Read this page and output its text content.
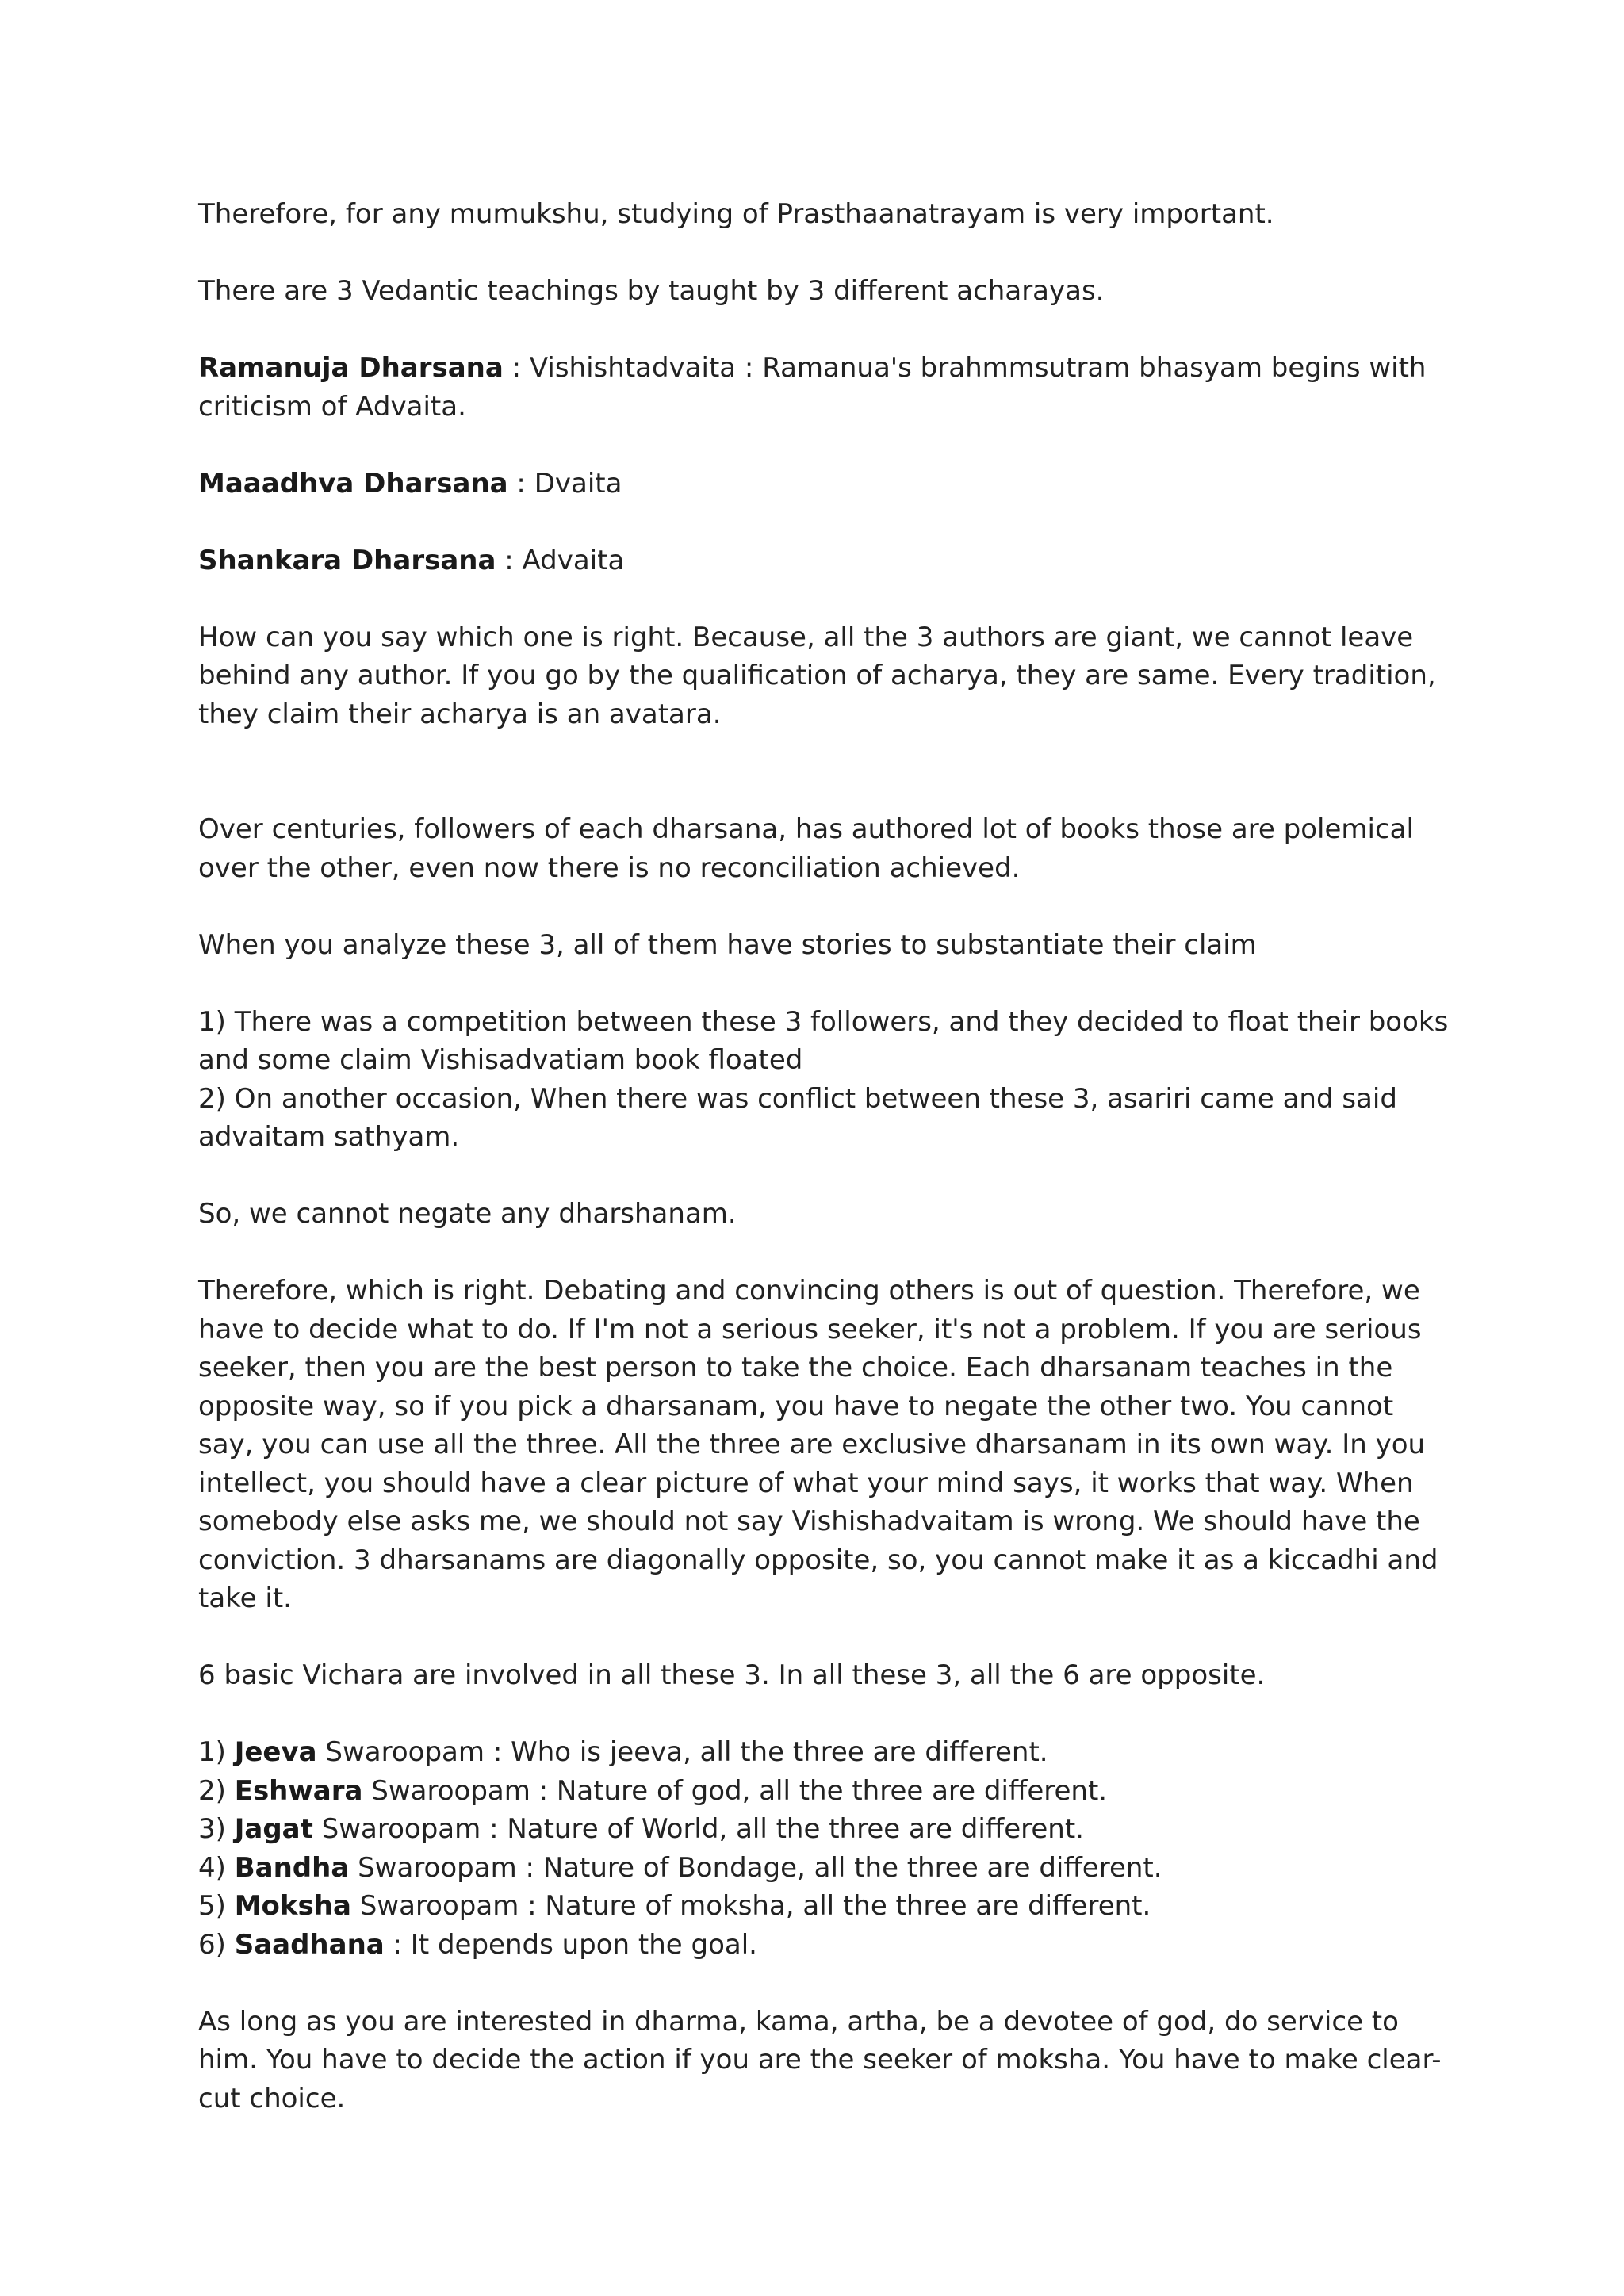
Therefore, for any mumukshu, studying of Prasthaanatrayam is very important.

There are 3 Vedantic teachings by taught by 3 different acharayas.

Ramanuja Dharsana : Vishishtadvaita : Ramanua's brahmmsutram bhasyam begins with criticism of Advaita.

Maaadhva Dharsana : Dvaita

Shankara Dharsana : Advaita

How can you say which one is right. Because, all the 3 authors are giant, we cannot leave behind any author. If you go by the qualification of acharya, they are same. Every tradition, they claim their acharya is an avatara.

Over centuries, followers of each dharsana, has authored lot of books those are polemical over the other, even now there is no reconciliation achieved.

When you analyze these 3, all of them have stories to substantiate their claim

1) There was a competition between these 3 followers, and they decided to float their books and some claim Vishisadvatiam book floated
2) On another occasion, When there was conflict between these 3, asariri came and said advaitam sathyam.

So, we cannot negate any dharshanam.

Therefore, which is right. Debating and convincing others is out of question. Therefore, we have to decide what to do. If I'm not a serious seeker, it's not a problem. If you are serious seeker, then you are the best person to take the choice. Each dharsanam teaches in the opposite way, so if you pick a dharsanam, you have to negate the other two. You cannot say, you can use all the three. All the three are exclusive dharsanam in its own way. In you intellect, you should have a clear picture of what your mind says, it works that way. When somebody else asks me, we should not say Vishishadvaitam is wrong. We should have the conviction. 3 dharsanams are diagonally opposite, so, you cannot make it as a kiccadhi and take it.

6 basic Vichara are involved in all these 3. In all these 3, all the 6 are opposite.

1) Jeeva Swaroopam : Who is jeeva, all the three are different.
2) Eshwara Swaroopam : Nature of god, all the three are different.
3) Jagat Swaroopam : Nature of World, all the three are different.
4) Bandha Swaroopam : Nature of Bondage, all the three are different.
5) Moksha Swaroopam : Nature of moksha, all the three are different.
6) Saadhana : It depends upon the goal.

As long as you are interested in dharma, kama, artha, be a devotee of god, do service to him. You have to decide the action if you are the seeker of moksha. You have to make clear-cut choice.
